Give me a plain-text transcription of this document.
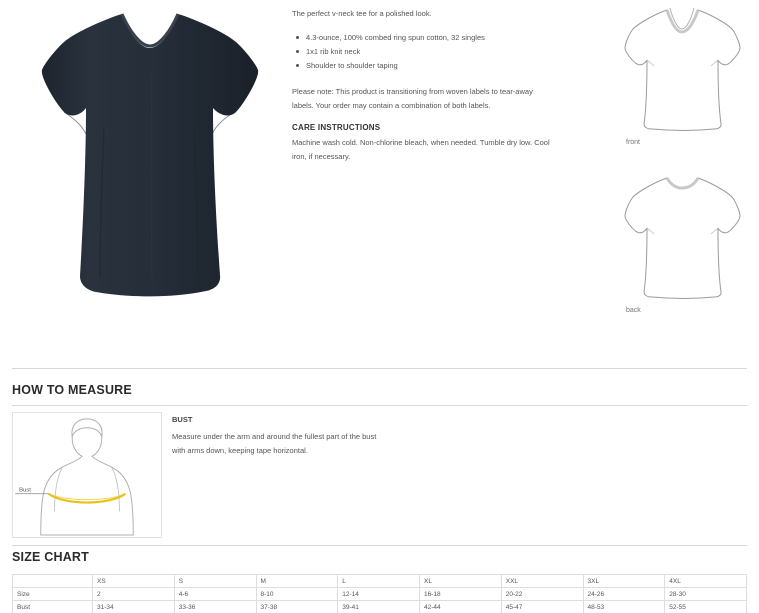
The perfect v-neck tee for a polished look.

4.3-ounce, 100% combed ring spun cotton, 32 singles
1x1 rib knit neck
Shoulder to shoulder taping

Please note: This product is transitioning from woven labels to tear-away labels. Your order may contain a combination of both labels.

CARE INSTRUCTIONS

Machine wash cold. Non-chlorine bleach, when needed. Tumble dry low. Cool iron, if necessary.

front
back
HOW TO MEASURE
Bust

BUST

Measure under the arm and around the fullest part of the bust

with arms down, keeping tape horizontal.

SIZE CHART
	XS	S	M	L	XL	XXL	3XL	4XL
Size	2	4-6	8-10	12-14	16-18	20-22	24-26	28-30
Bust	31-34	33-36	37-38	39-41	42-44	45-47	48-53	52-55
